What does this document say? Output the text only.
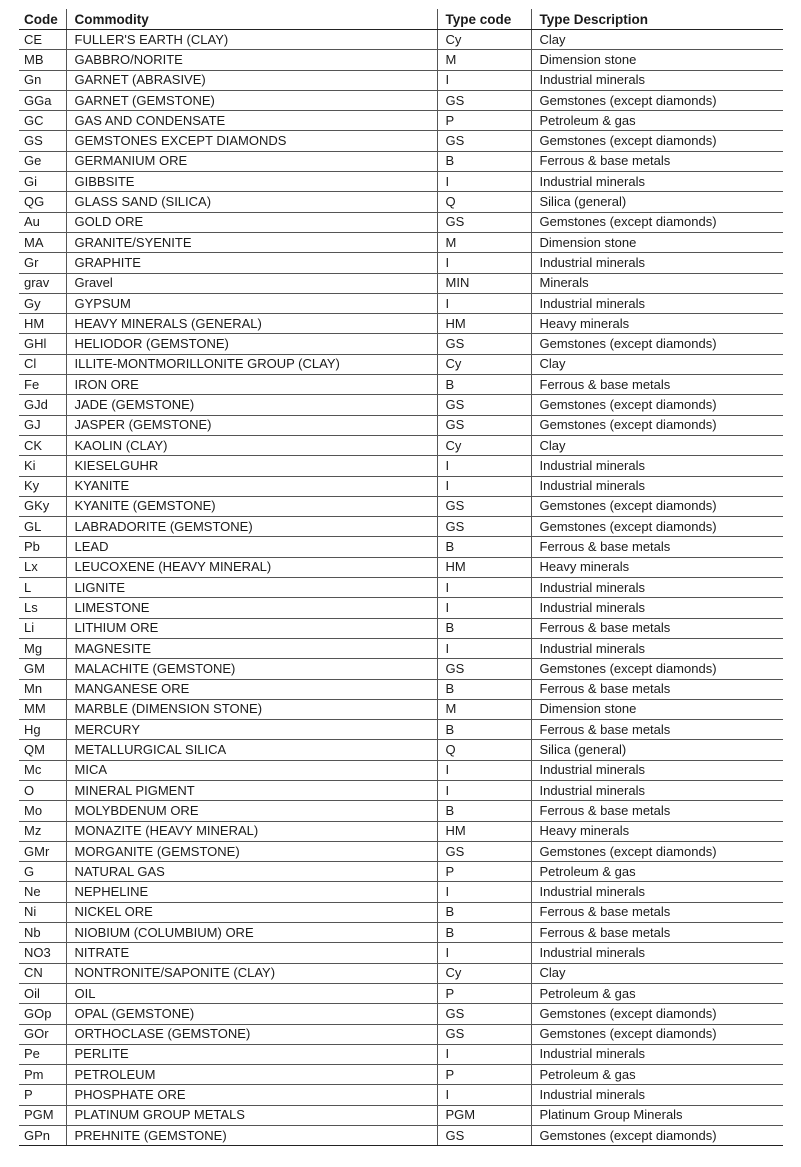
Code	Commodity	Type code	Type Description
CE	FULLER'S EARTH (CLAY)	Cy	Clay
MB	GABBRO/NORITE	M	Dimension stone
Gn	GARNET (ABRASIVE)	I	Industrial minerals
GGa	GARNET (GEMSTONE)	GS	Gemstones (except diamonds)
GC	GAS AND CONDENSATE	P	Petroleum & gas
GS	GEMSTONES EXCEPT DIAMONDS	GS	Gemstones (except diamonds)
Ge	GERMANIUM ORE	B	Ferrous & base metals
Gi	GIBBSITE	I	Industrial minerals
QG	GLASS SAND (SILICA)	Q	Silica (general)
Au	GOLD ORE	GS	Gemstones (except diamonds)
MA	GRANITE/SYENITE	M	Dimension stone
Gr	GRAPHITE	I	Industrial minerals
grav	Gravel	MIN	Minerals
Gy	GYPSUM	I	Industrial minerals
HM	HEAVY MINERALS (GENERAL)	HM	Heavy minerals
GHl	HELIODOR (GEMSTONE)	GS	Gemstones (except diamonds)
Cl	ILLITE-MONTMORILLONITE GROUP (CLAY)	Cy	Clay
Fe	IRON ORE	B	Ferrous & base metals
GJd	JADE (GEMSTONE)	GS	Gemstones (except diamonds)
GJ	JASPER (GEMSTONE)	GS	Gemstones (except diamonds)
CK	KAOLIN (CLAY)	Cy	Clay
Ki	KIESELGUHR	I	Industrial minerals
Ky	KYANITE	I	Industrial minerals
GKy	KYANITE (GEMSTONE)	GS	Gemstones (except diamonds)
GL	LABRADORITE (GEMSTONE)	GS	Gemstones (except diamonds)
Pb	LEAD	B	Ferrous & base metals
Lx	LEUCOXENE (HEAVY MINERAL)	HM	Heavy minerals
L	LIGNITE	I	Industrial minerals
Ls	LIMESTONE	I	Industrial minerals
Li	LITHIUM ORE	B	Ferrous & base metals
Mg	MAGNESITE	I	Industrial minerals
GM	MALACHITE (GEMSTONE)	GS	Gemstones (except diamonds)
Mn	MANGANESE ORE	B	Ferrous & base metals
MM	MARBLE (DIMENSION STONE)	M	Dimension stone
Hg	MERCURY	B	Ferrous & base metals
QM	METALLURGICAL SILICA	Q	Silica (general)
Mc	MICA	I	Industrial minerals
O	MINERAL PIGMENT	I	Industrial minerals
Mo	MOLYBDENUM ORE	B	Ferrous & base metals
Mz	MONAZITE (HEAVY MINERAL)	HM	Heavy minerals
GMr	MORGANITE (GEMSTONE)	GS	Gemstones (except diamonds)
G	NATURAL GAS	P	Petroleum & gas
Ne	NEPHELINE	I	Industrial minerals
Ni	NICKEL ORE	B	Ferrous & base metals
Nb	NIOBIUM (COLUMBIUM) ORE	B	Ferrous & base metals
NO3	NITRATE	I	Industrial minerals
CN	NONTRONITE/SAPONITE (CLAY)	Cy	Clay
Oil	OIL	P	Petroleum & gas
GOp	OPAL (GEMSTONE)	GS	Gemstones (except diamonds)
GOr	ORTHOCLASE (GEMSTONE)	GS	Gemstones (except diamonds)
Pe	PERLITE	I	Industrial minerals
Pm	PETROLEUM	P	Petroleum & gas
P	PHOSPHATE ORE	I	Industrial minerals
PGM	PLATINUM GROUP METALS	PGM	Platinum Group Minerals
GPn	PREHNITE (GEMSTONE)	GS	Gemstones (except diamonds)
